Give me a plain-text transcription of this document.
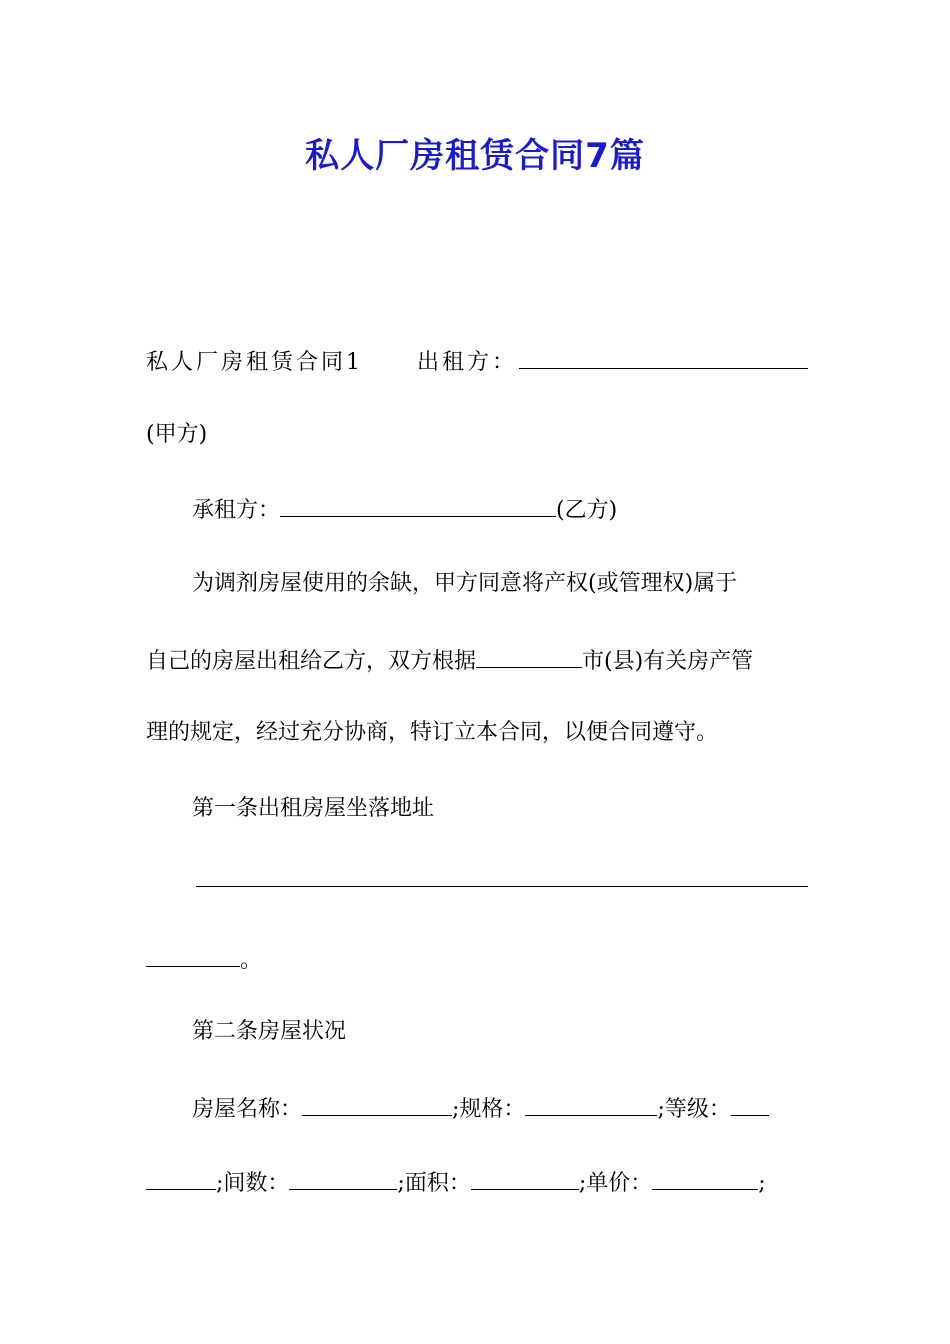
私人厂房租赁合同7篇
私人厂房租赁合同1 出租方：
(甲方)
承租方：	(乙方)
为调剂房屋使用的余缺，甲方同意将产权(或管理权)属于
自己的房屋出租给乙方，双方根据	市(县)有关房产管
理的规定，经过充分协商，特订立本合同，以便合同遵守。
第一条出租房屋坐落地址
。
第二条房屋状况
房屋名称：	;规格：	;等级：
;间数：	;面积：	;单价：	;
